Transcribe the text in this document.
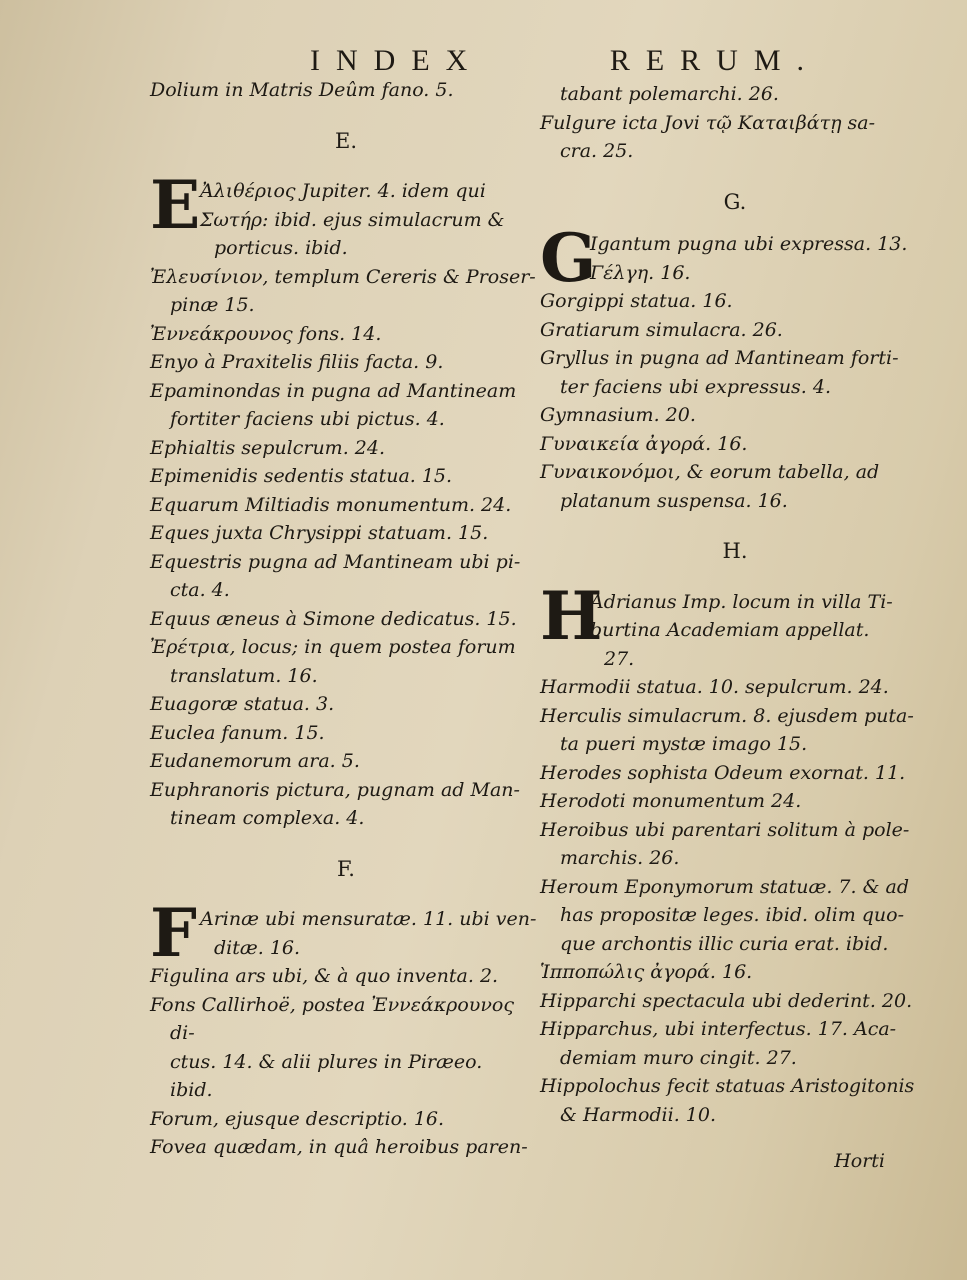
INDEX	RERUM.

Dolium in Matris Deûm fano. 5.

E.

E Ἀλιθέριος Jupiter. 4. idem qui

Σωτήρ: ibid. ejus simulacrum &

porticus. ibid.

Ἐλευσίνιον, templum Cereris & Proser-

pinæ 15.

Ἐννεάκρουνος fons. 14.

Enyo à Praxitelis filiis facta. 9.

Epaminondas in pugna ad Mantineam

fortiter faciens ubi pictus. 4.

Ephialtis sepulcrum. 24.

Epimenidis sedentis statua. 15.

Equarum Miltiadis monumentum. 24.

Eques juxta Chrysippi statuam. 15.

Equestris pugna ad Mantineam ubi pi-

cta. 4.

Equus æneus à Simone dedicatus. 15.

Ἐρέτρια, locus; in quem postea forum

translatum. 16.

Euagoræ statua. 3.

Euclea fanum. 15.

Eudanemorum ara. 5.

Euphranoris pictura, pugnam ad Man-

tineam complexa. 4.

F.

F Arinæ ubi mensuratæ. 11. ubi ven-

ditæ. 16.

Figulina ars ubi, & à quo inventa. 2.

Fons Callirhoë, postea Ἐννεάκρουνος di-

ctus. 14. & alii plures in Piræeo.

ibid.

Forum, ejusque descriptio. 16.

Fovea quædam, in quâ heroibus paren-

tabant polemarchi. 26.

Fulgure icta Jovi τῷ Καταιβάτῃ sa-

cra. 25.

G.

G

Igantum pugna ubi expressa. 13.

Γέλγη. 16.

Gorgippi statua. 16.

Gratiarum simulacra. 26.

Gryllus in pugna ad Mantineam forti-

ter faciens ubi expressus. 4.

Gymnasium. 20.

Γυναικεία ἀγορά. 16.

Γυναικονόμοι, & eorum tabella, ad

platanum suspensa. 16.

H.

H

Adrianus Imp. locum in villa Ti-

burtina Academiam appellat.

27.

Harmodii statua. 10. sepulcrum. 24.

Herculis simulacrum. 8. ejusdem puta-

ta pueri mystæ imago 15.

Herodes sophista Odeum exornat. 11.

Herodoti monumentum 24.

Heroibus ubi parentari solitum à pole-

marchis. 26.

Heroum Eponymorum statuæ. 7. & ad

has propositæ leges. ibid. olim quo-

que archontis illic curia erat. ibid.

Ἱπποπώλις ἀγορά. 16.

Hipparchi spectacula ubi dederint. 20.

Hipparchus, ubi interfectus. 17. Aca-

demiam muro cingit. 27.

Hippolochus fecit statuas Aristogitonis

& Harmodii. 10.

Horti
